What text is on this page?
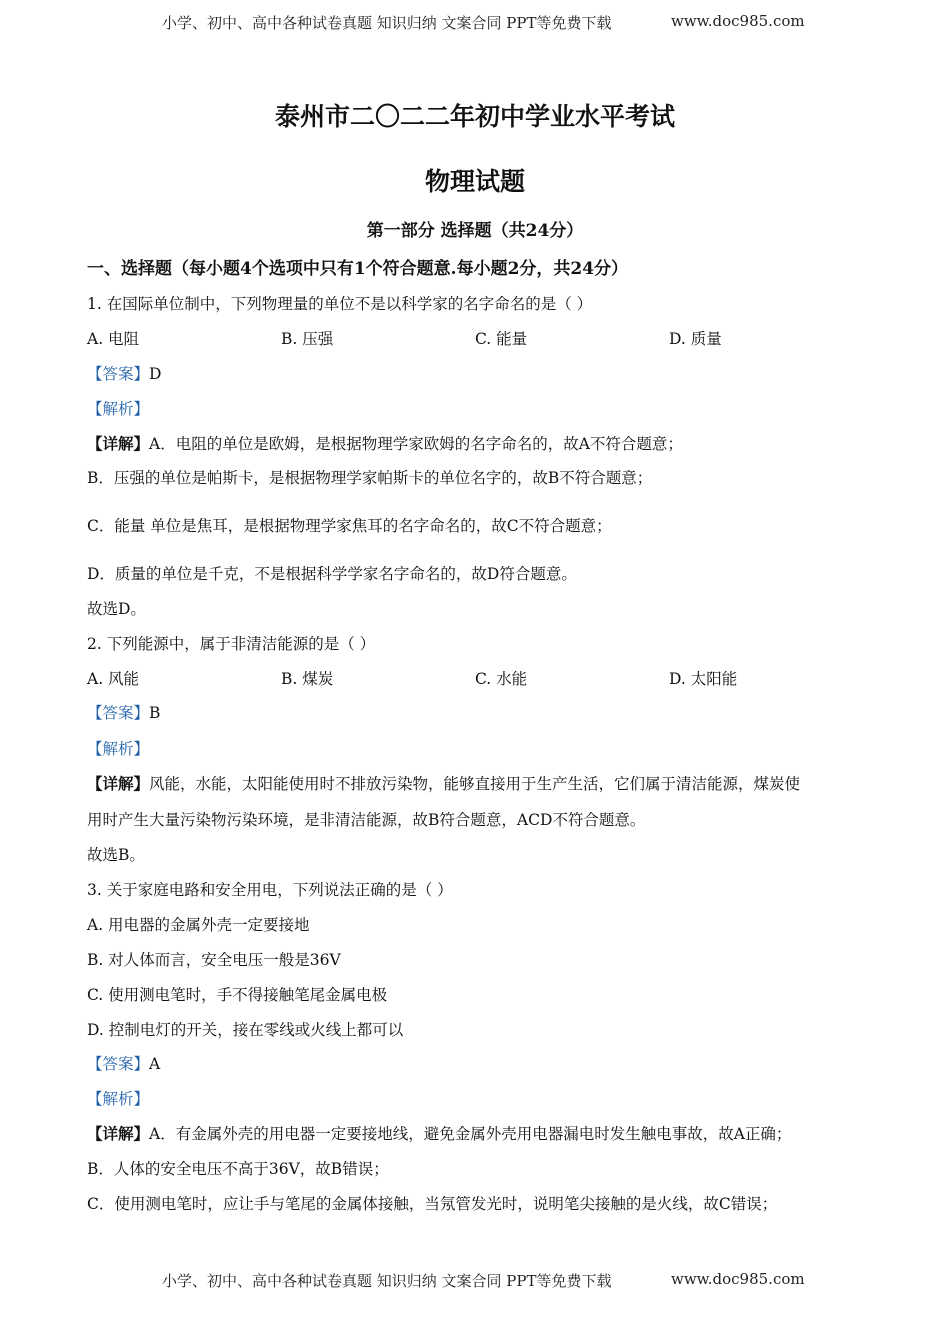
小学、初中、高中各种试卷真题 知识归纳 文案合同 PPT等免费下载	www.doc985.com
泰州市二〇二二年初中学业水平考试
物理试题
第一部分 选择题（共24分）
一、选择题（每小题4个选项中只有1个符合题意.每小题2分，共24分）
1. 在国际单位制中，下列物理量的单位不是以科学家的名字命名的是（ ）
A. 电阻	B. 压强	C. 能量	D. 质量
【答案】D
【解析】
【详解】A．电阻的单位是欧姆，是根据物理学家欧姆的名字命名的，故A不符合题意；
B．压强的单位是帕斯卡，是根据物理学家帕斯卡的单位名字的，故B不符合题意；
C．能量 单位是焦耳，是根据物理学家焦耳的名字命名的，故C不符合题意；
D．质量的单位是千克，不是根据科学学家名字命名的，故D符合题意。
故选D。
2. 下列能源中，属于非清洁能源的是（ ）
A. 风能	B. 煤炭	C. 水能	D. 太阳能
【答案】B
【解析】
【详解】风能，水能，太阳能使用时不排放污染物，能够直接用于生产生活，它们属于清洁能源，煤炭使
用时产生大量污染物污染环境，是非清洁能源，故B符合题意，ACD不符合题意。
故选B。
3. 关于家庭电路和安全用电，下列说法正确的是（ ）
A. 用电器的金属外壳一定要接地
B. 对人体而言，安全电压一般是36V
C. 使用测电笔时，手不得接触笔尾金属电极
D. 控制电灯的开关，接在零线或火线上都可以
【答案】A
【解析】
【详解】A．有金属外壳的用电器一定要接地线，避免金属外壳用电器漏电时发生触电事故，故A正确；
B．人体的安全电压不高于36V，故B错误；
C．使用测电笔时，应让手与笔尾的金属体接触，当氖管发光时，说明笔尖接触的是火线，故C错误；
小学、初中、高中各种试卷真题 知识归纳 文案合同 PPT等免费下载	www.doc985.com
